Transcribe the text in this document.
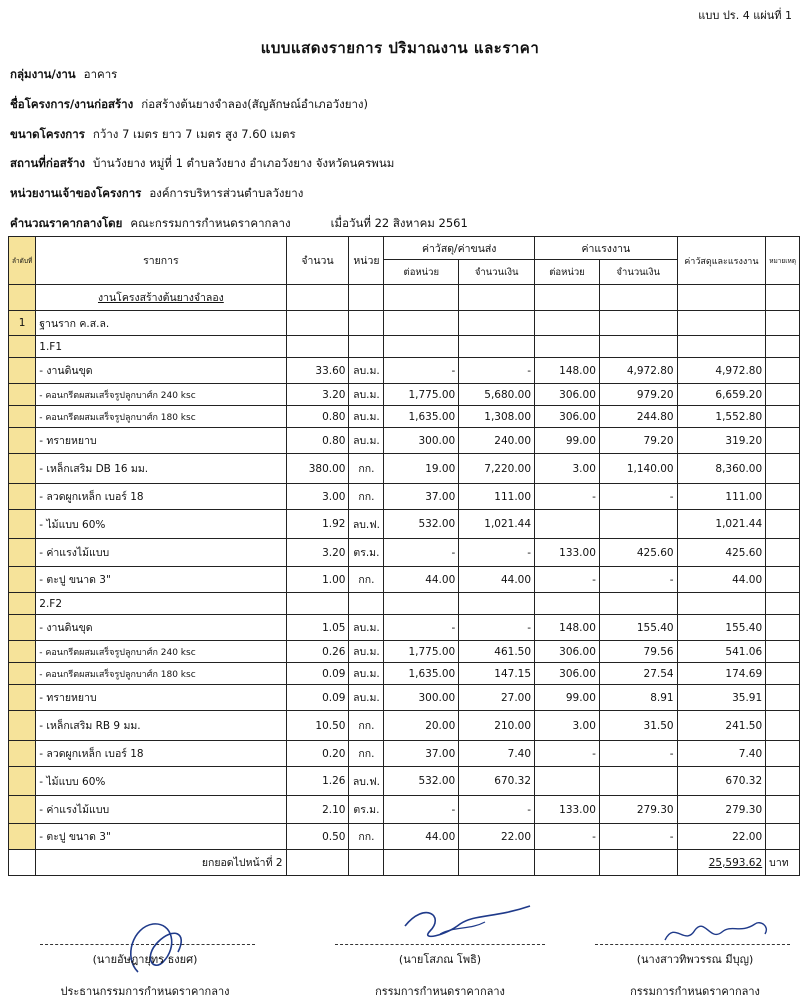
แบบ ปร. 4 แผ่นที่ 1
แบบแสดงรายการ ปริมาณงาน และราคา
กลุ่มงาน/งาน อาคาร
ชื่อโครงการ/งานก่อสร้าง ก่อสร้างต้นยางจำลอง(สัญลักษณ์อำเภอวังยาง)
ขนาดโครงการ กว้าง 7 เมตร ยาว 7 เมตร สูง 7.60 เมตร
สถานที่ก่อสร้าง บ้านวังยาง หมู่ที่ 1 ตำบลวังยาง อำเภอวังยาง จังหวัดนครพนม
หน่วยงานเจ้าของโครงการ องค์การบริหารส่วนตำบลวังยาง
คำนวณราคากลางโดย คณะกรรมการกำหนดราคากลาง	เมื่อวันที่ 22 สิงหาคม 2561
ลำดับที่	รายการ	จำนวน	หน่วย	ค่าวัสดุ/ค่าขนส่ง		ค่าแรงงาน		ค่าวัสดุและแรงงาน	หมายเหตุ
				ต่อหน่วย	จำนวนเงิน	ต่อหน่วย	จำนวนเงิน		
	งานโครงสร้างต้นยางจำลอง								
1	ฐานราก ค.ส.ล.								
	1.F1								
	- งานดินขุด	33.60	ลบ.ม.	-	-	148.00	4,972.80	4,972.80	
	- คอนกรีตผสมเสร็จรูปลูกบาศ์ก 240 ksc	3.20	ลบ.ม.	1,775.00	5,680.00	306.00	979.20	6,659.20	
	- คอนกรีตผสมเสร็จรูปลูกบาศ์ก 180 ksc	0.80	ลบ.ม.	1,635.00	1,308.00	306.00	244.80	1,552.80	
	- ทรายหยาบ	0.80	ลบ.ม.	300.00	240.00	99.00	79.20	319.20	
	- เหล็กเสริม DB 16 มม.	380.00	กก.	19.00	7,220.00	3.00	1,140.00	8,360.00	
	- ลวดผูกเหล็ก เบอร์ 18	3.00	กก.	37.00	111.00	-	-	111.00	
	- ไม้แบบ 60%	1.92	ลบ.ฟ.	532.00	1,021.44			1,021.44	
	- ค่าแรงไม้แบบ	3.20	ตร.ม.	-	-	133.00	425.60	425.60	
	- ตะปู ขนาด 3"	1.00	กก.	44.00	44.00	-	-	44.00	
	2.F2								
	- งานดินขุด	1.05	ลบ.ม.	-	-	148.00	155.40	155.40	
	- คอนกรีตผสมเสร็จรูปลูกบาศ์ก 240 ksc	0.26	ลบ.ม.	1,775.00	461.50	306.00	79.56	541.06	
	- คอนกรีตผสมเสร็จรูปลูกบาศ์ก 180 ksc	0.09	ลบ.ม.	1,635.00	147.15	306.00	27.54	174.69	
	- ทรายหยาบ	0.09	ลบ.ม.	300.00	27.00	99.00	8.91	35.91	
	- เหล็กเสริม RB 9 มม.	10.50	กก.	20.00	210.00	3.00	31.50	241.50	
	- ลวดผูกเหล็ก เบอร์ 18	0.20	กก.	37.00	7.40	-	-	7.40	
	- ไม้แบบ 60%	1.26	ลบ.ฟ.	532.00	670.32			670.32	
	- ค่าแรงไม้แบบ	2.10	ตร.ม.	-	-	133.00	279.30	279.30	
	- ตะปู ขนาด 3"	0.50	กก.	44.00	22.00	-	-	22.00	
	ยกยอดไปหน้าที่ 2							25,593.62	บาท
(นายอัษฎายุทร ธงยศ)
ประธานกรรมการกำหนดราคากลาง
(นายโสภณ โพธิ)
กรรมการกำหนดราคากลาง
(นางสาวทิพวรรณ มีบุญ)
กรรมการกำหนดราคากลาง
